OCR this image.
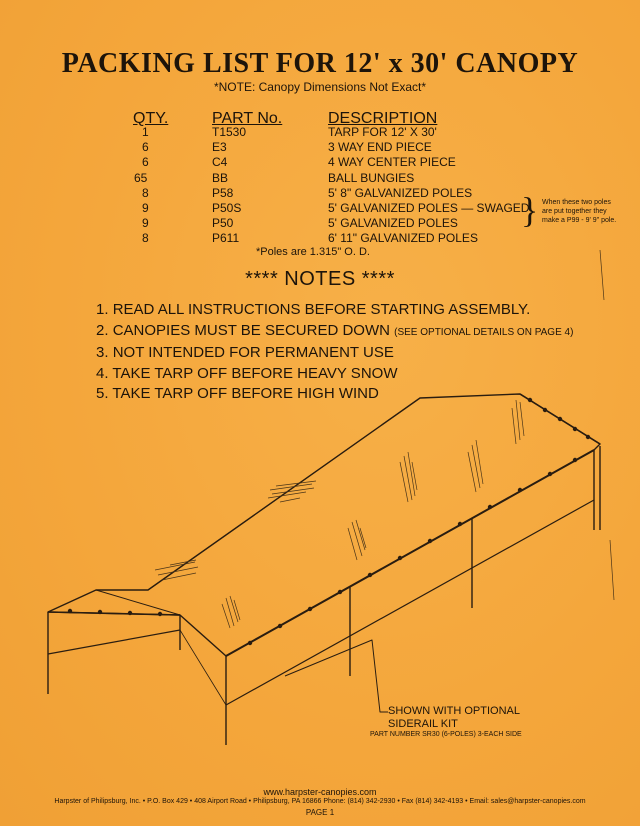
PACKING LIST FOR 12' x 30' CANOPY
*NOTE: Canopy Dimensions Not Exact*
QTY.	PART No.	DESCRIPTION
1	T1530	TARP FOR 12' X 30'
6	E3	3 WAY END PIECE
6	C4	4 WAY CENTER PIECE
65	BB	BALL BUNGIES
8	P58	5' 8" GALVANIZED POLES
9	P50S	5' GALVANIZED POLES — SWAGED
9	P50	5' GALVANIZED POLES
8	P611	6' 11" GALVANIZED POLES
} When these two poles
are put together they
make a P99 - 9' 9" pole.
*Poles are 1.315" O. D.
**** NOTES ****
1. READ ALL INSTRUCTIONS BEFORE STARTING ASSEMBLY.
2. CANOPIES MUST BE SECURED DOWN (SEE OPTIONAL DETAILS ON PAGE 4)
3. NOT INTENDED FOR PERMANENT USE
4. TAKE TARP OFF BEFORE HEAVY SNOW
5. TAKE TARP OFF BEFORE HIGH WIND
SHOWN WITH OPTIONAL
SIDERAIL KIT
PART NUMBER SR30 (6-POLES) 3-EACH SIDE
www.harpster-canopies.com
Harpster of Philipsburg, Inc. • P.O. Box 429 • 408 Airport Road • Philipsburg, PA 16866 Phone: (814) 342-2930 • Fax (814) 342-4193 • Email: sales@harpster-canopies.com
PAGE 1
